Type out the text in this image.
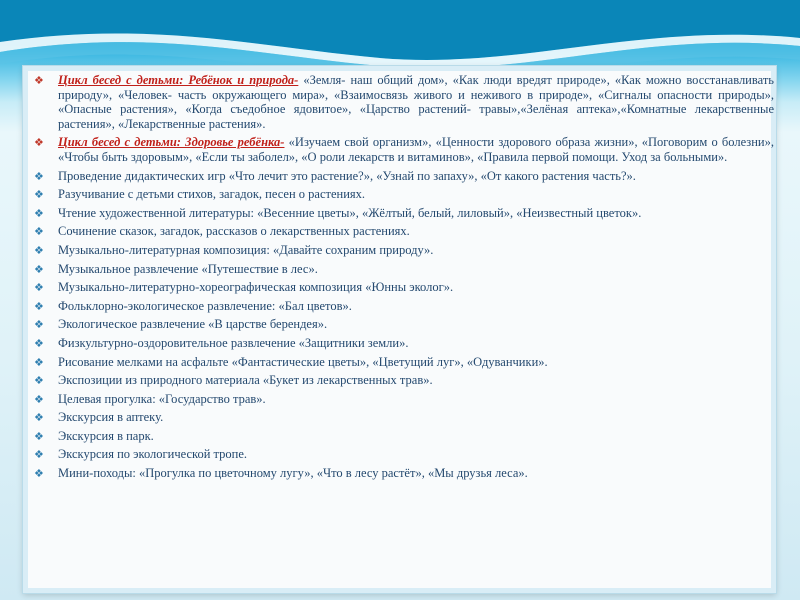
❖ Цикл бесед с детьми: Ребёнок и природа- «Земля- наш общий дом», «Как люди вредят природе», «Как можно восстанавливать природу», «Человек- часть окружающего мира», «Взаимосвязь живого и неживого в природе», «Сигналы опасности природы», «Опасные растения», «Когда съедобное ядовитое», «Царство растений- травы»,«Зелёная аптека»,«Комнатные лекарственные растения», «Лекарственные растения».
❖ Цикл бесед с детьми: Здоровье ребёнка- «Изучаем свой организм», «Ценности здорового образа жизни», «Поговорим о болезни», «Чтобы быть здоровым», «Если ты заболел», «О роли лекарств и витаминов», «Правила первой помощи. Уход за больными».
❖ Проведение дидактических игр «Что лечит это растение?», «Узнай по запаху», «От какого растения часть?».
❖ Разучивание с детьми стихов, загадок, песен о растениях.
❖ Чтение художественной литературы: «Весенние цветы», «Жёлтый, белый, лиловый», «Неизвестный цветок».
❖ Сочинение сказок, загадок, рассказов о лекарственных растениях.
❖ Музыкально-литературная композиция: «Давайте сохраним природу».
❖ Музыкальное развлечение «Путешествие в лес».
❖ Музыкально-литературно-хореографическая композиция «Юнны эколог».
❖ Фольклорно-экологическое развлечение: «Бал цветов».
❖ Экологическое развлечение «В царстве берендея».
❖ Физкультурно-оздоровительное развлечение «Защитники земли».
❖ Рисование мелками на асфальте «Фантастические цветы», «Цветущий луг», «Одуванчики».
❖ Экспозиции из природного материала «Букет из лекарственных трав».
❖ Целевая прогулка: «Государство трав».
❖ Экскурсия в аптеку.
❖ Экскурсия в парк.
❖ Экскурсия по экологической тропе.
❖ Мини-походы: «Прогулка по цветочному лугу», «Что в лесу растёт», «Мы друзья леса».
